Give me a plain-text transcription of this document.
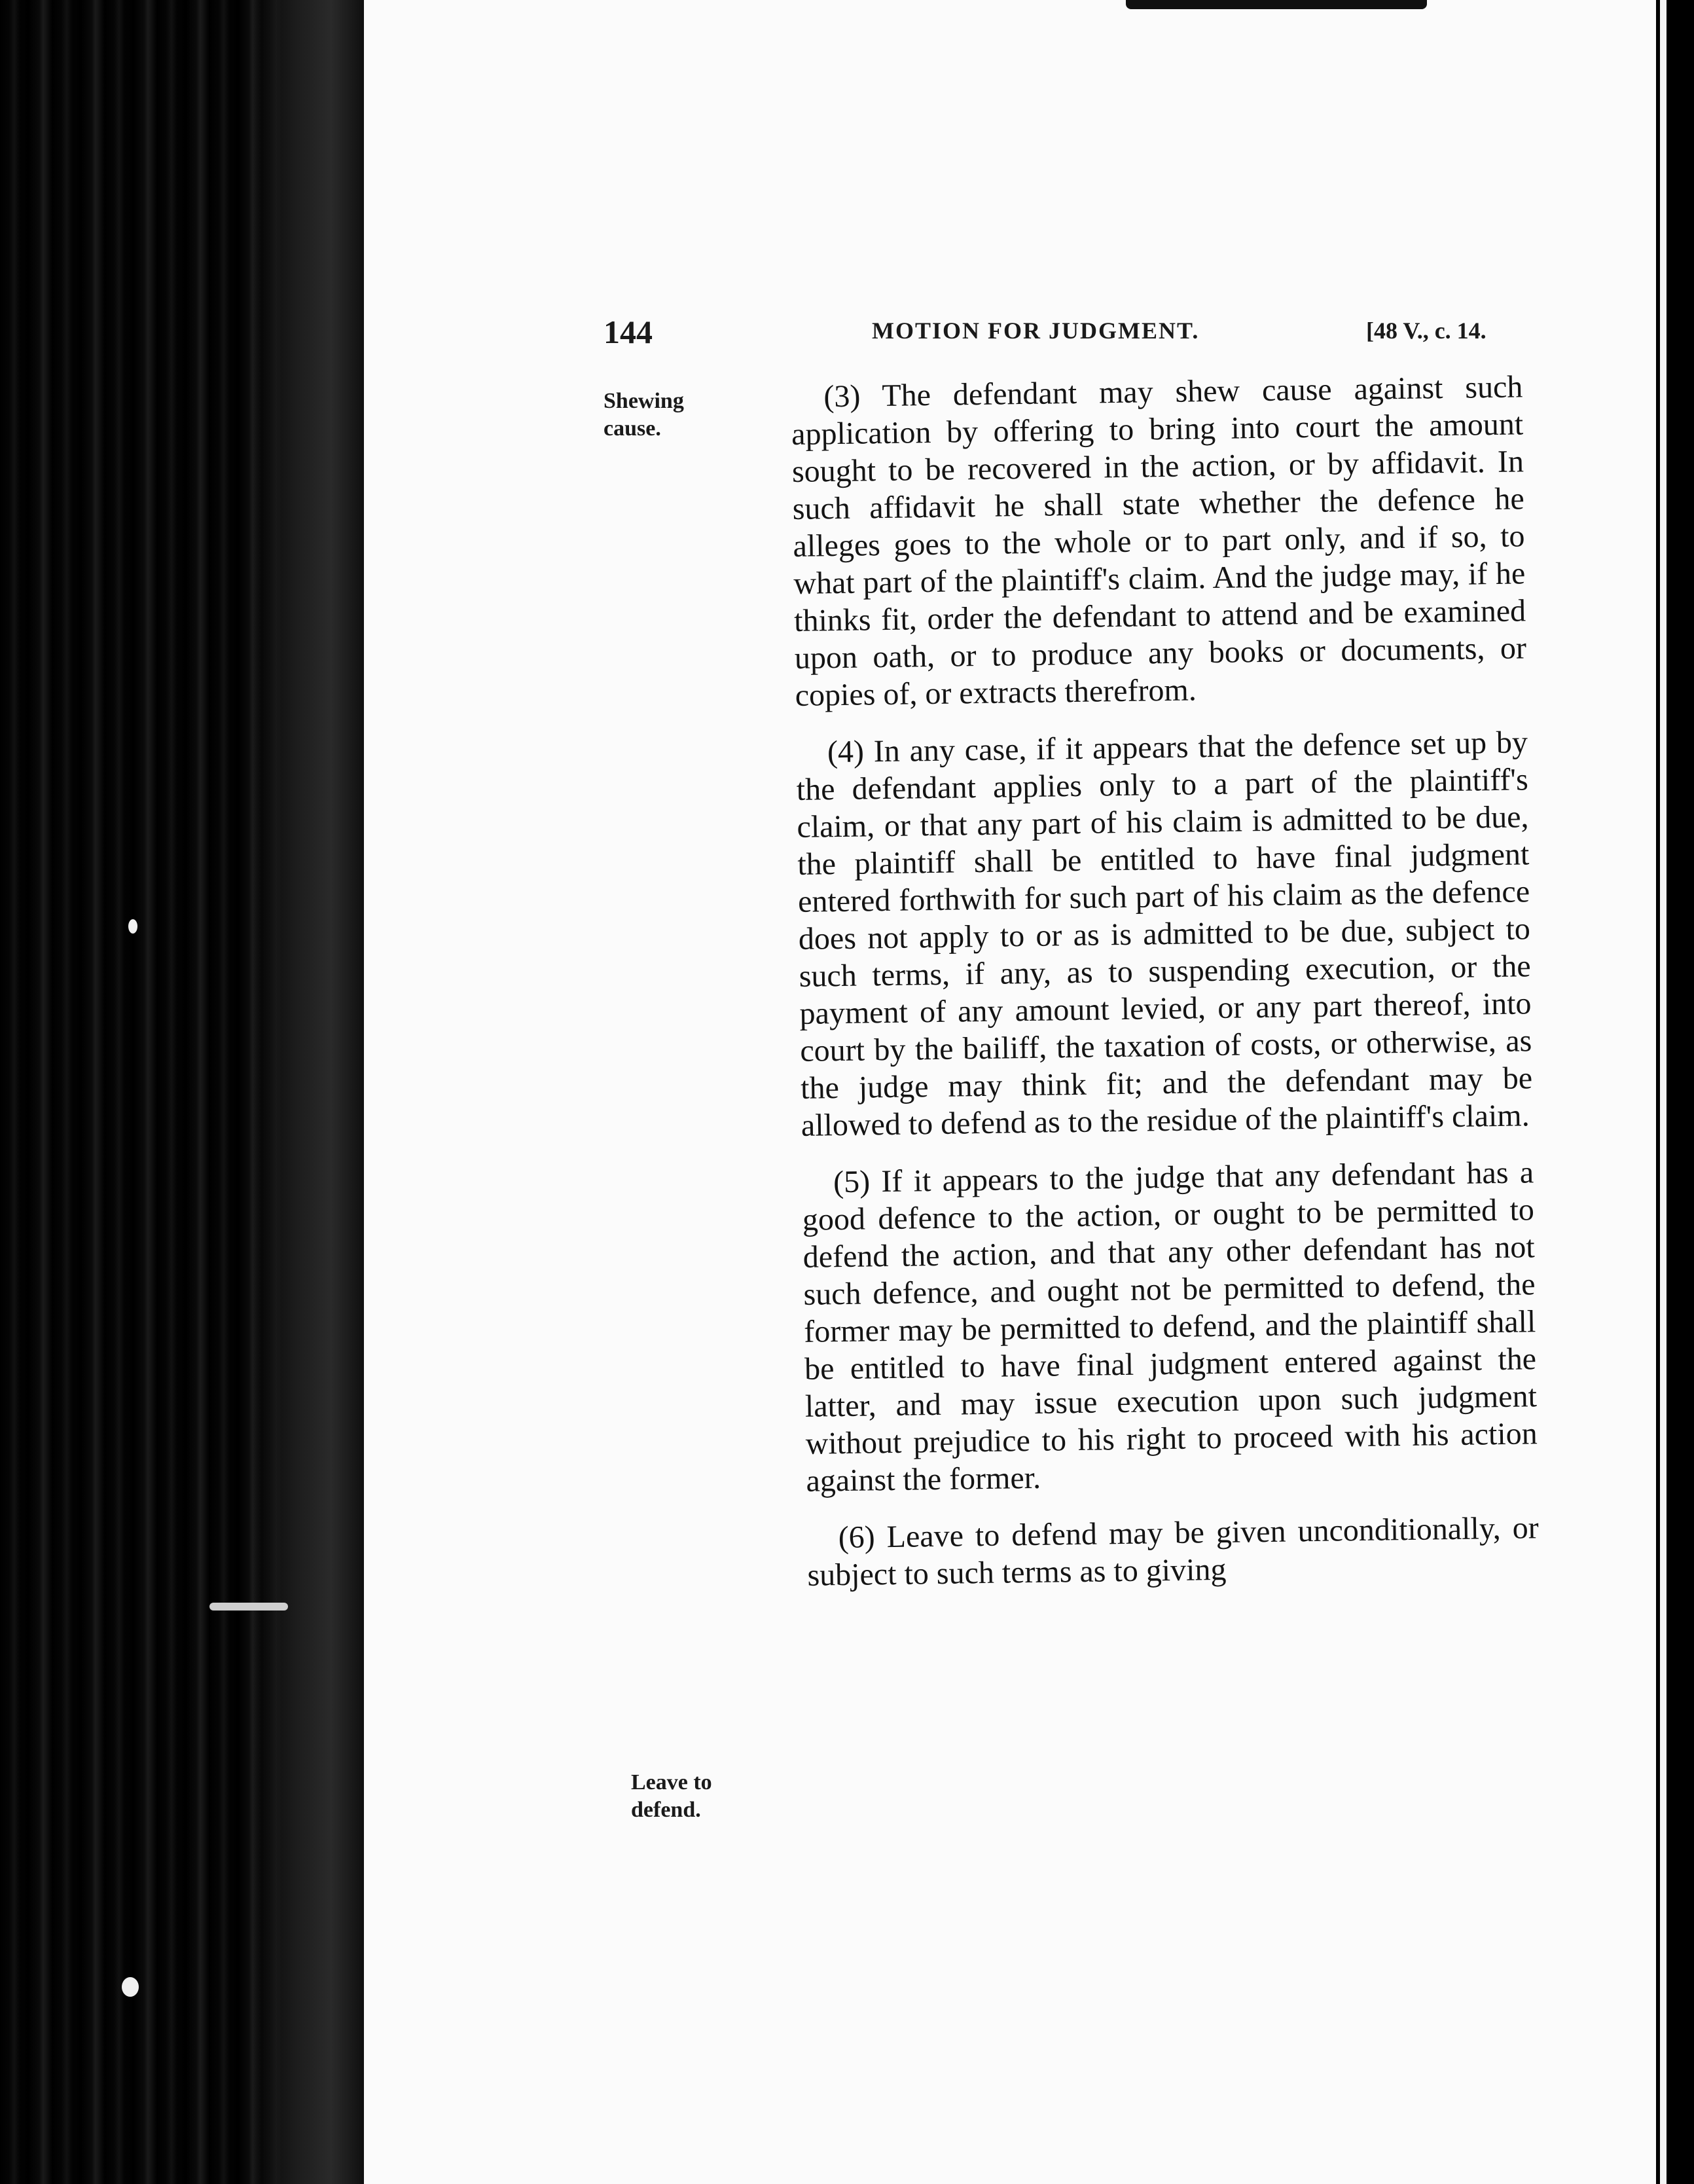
144	MOTION FOR JUDGMENT.	[48 V., c. 14.
Shewing
cause.
Leave to
defend.

(3) The defendant may shew cause against such application by offering to bring into court the amount sought to be recovered in the action, or by affidavit. In such affidavit he shall state whether the defence he alleges goes to the whole or to part only, and if so, to what part of the plaintiff's claim. And the judge may, if he thinks fit, order the defendant to attend and be examined upon oath, or to produce any books or documents, or copies of, or extracts therefrom.

(4) In any case, if it appears that the defence set up by the defendant applies only to a part of the plaintiff's claim, or that any part of his claim is admitted to be due, the plaintiff shall be entitled to have final judgment entered forthwith for such part of his claim as the defence does not apply to or as is admitted to be due, subject to such terms, if any, as to suspending execution, or the payment of any amount levied, or any part thereof, into court by the bailiff, the taxation of costs, or otherwise, as the judge may think fit; and the defendant may be allowed to defend as to the residue of the plaintiff's claim.

(5) If it appears to the judge that any defendant has a good defence to the action, or ought to be permitted to defend the action, and that any other defendant has not such defence, and ought not be permitted to defend, the former may be permitted to defend, and the plaintiff shall be entitled to have final judgment entered against the latter, and may issue execution upon such judgment without prejudice to his right to proceed with his action against the former.

(6) Leave to defend may be given unconditionally, or subject to such terms as to giving
